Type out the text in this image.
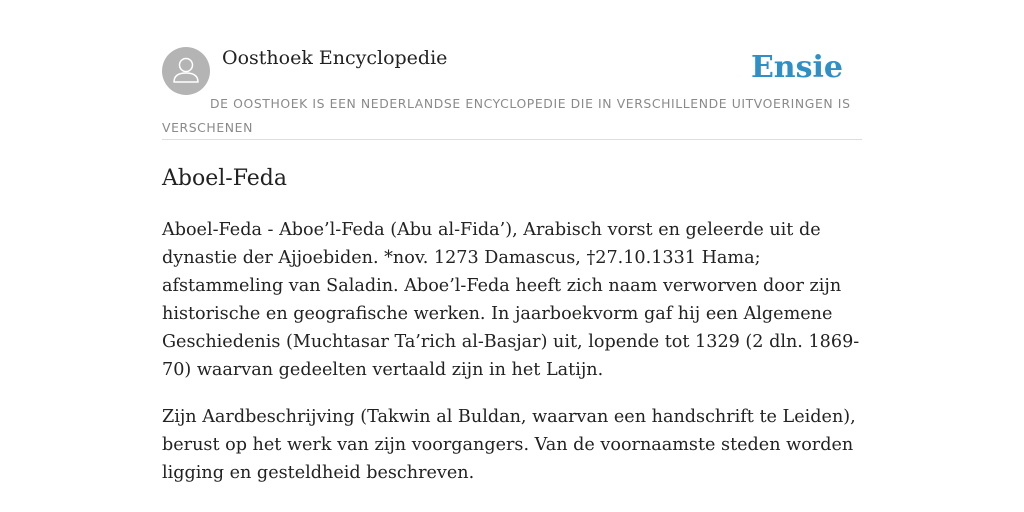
Oosthoek Encyclopedie	Ensie

DE OOSTHOEK IS EEN NEDERLANDSE ENCYCLOPEDIE DIE IN VERSCHILLENDE UITVOERINGEN IS VERSCHENEN

Aboel-Feda

Aboel-Feda - Aboe’l-Feda (Abu al-Fida’), Arabisch vorst en geleerde uit de dynastie der Ajjoebiden. *nov. 1273 Damascus, †27.10.1331 Hama; afstammeling van Saladin. Aboe’l-Feda heeft zich naam verworven door zijn historische en geografische werken. In jaarboekvorm gaf hij een Algemene Geschiedenis (Muchtasar Ta’rich al-Basjar) uit, lopende tot 1329 (2 dln. 1869-70) waarvan gedeelten vertaald zijn in het Latijn.

Zijn Aardbeschrijving (Takwin al Buldan, waarvan een handschrift te Leiden), berust op het werk van zijn voorgangers. Van de voornaamste steden worden ligging en gesteldheid beschreven.
